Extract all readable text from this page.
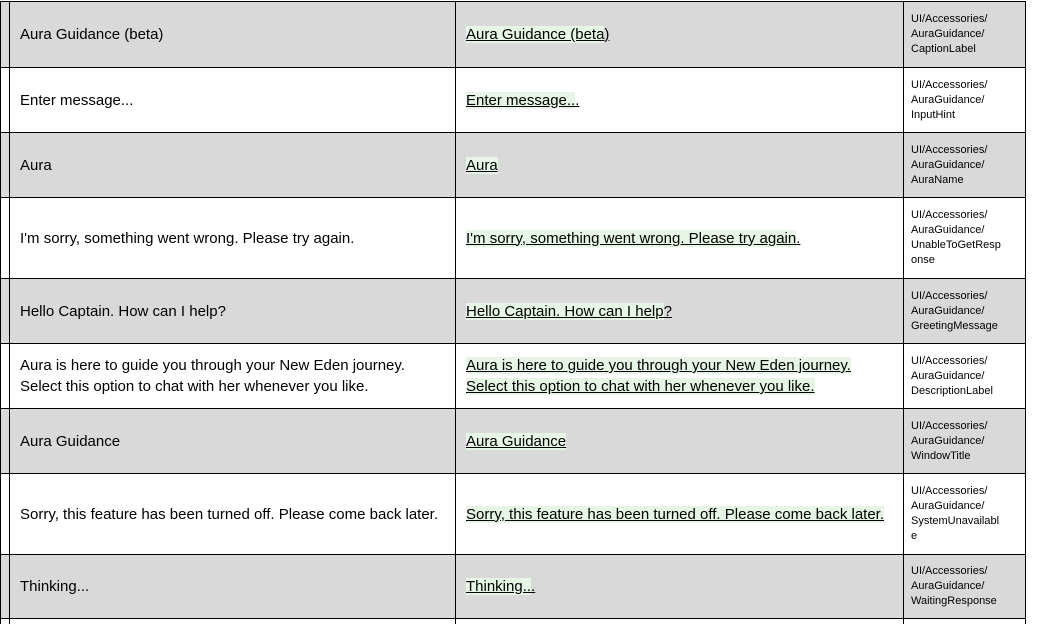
	Aura Guidance (beta)	Aura Guidance (beta)	UI/​Accessories/​AuraGuidance/​CaptionLabel
	Enter message...	Enter message...	UI/​Accessories/​AuraGuidance/​InputHint
	Aura	Aura	UI/​Accessories/​AuraGuidance/​AuraName
	I'm sorry, something went wrong. Please try again.	I'm sorry, something went wrong. Please try again.	UI/​Accessories/​AuraGuidance/​UnableToGetResponse
	Hello Captain. How can I help?	Hello Captain. How can I help?	UI/​Accessories/​AuraGuidance/​GreetingMessage
	Aura is here to guide you through your New Eden journey. Select this option to chat with her whenever you like.	Aura is here to guide you through your New Eden journey. Select this option to chat with her whenever you like.	UI/​Accessories/​AuraGuidance/​DescriptionLabel
	Aura Guidance	Aura Guidance	UI/​Accessories/​AuraGuidance/​WindowTitle
	Sorry, this feature has been turned off. Please come back later.	Sorry, this feature has been turned off. Please come back later.	UI/​Accessories/​AuraGuidance/​SystemUnavailable
	Thinking...	Thinking...	UI/​Accessories/​AuraGuidance/​WaitingResponse
